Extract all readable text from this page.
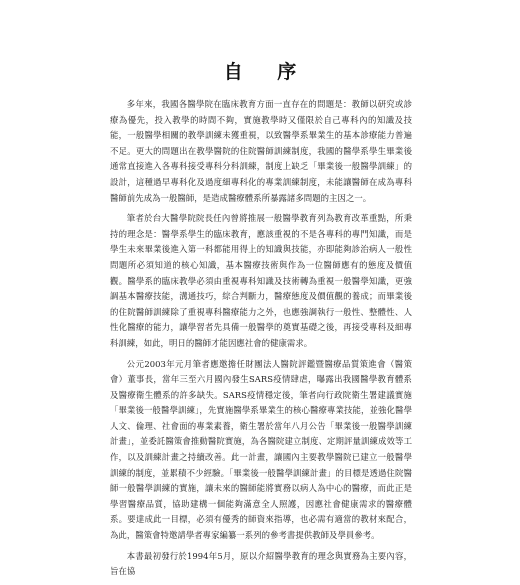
自 序

多年來，我國各醫學院在臨床教育方面一直存在的問題是：教師以研究或診療為優先，投入教學的時間不夠，實施教學時又僅限於自己專科內的知識及技能，一般醫學相關的教學訓練未獲重視，以致醫學系畢業生的基本診療能力普遍不足。更大的問題出在教學醫院的住院醫師訓練制度，我國的醫學系學生畢業後通常直接進入各專科接受專科分科訓練，制度上缺乏「畢業後一般醫學訓練」的設計，這種過早專科化及過度細專科化的專業訓練制度，未能讓醫師在成為專科醫師前先成為一般醫師，是造成醫療體系所暴露諸多問題的主因之一。

筆者於台大醫學院院長任內曾將推展一般醫學教育列為教育改革重點，所秉持的理念是：醫學系學生的臨床教育，應該重視的不是各專科的專門知識，而是學生未來畢業後進入第一科都能用得上的知識與技能，亦即能夠診治病人一般性問題所必須知道的核心知識，基本醫療技術與作為一位醫師應有的態度及價值觀。醫學系的臨床教學必須由重視專科知識及技術轉為重視一般醫學知識，更強調基本醫療技能，溝通技巧，綜合判斷力，醫療態度及價值觀的養成；而畢業後的住院醫師訓練除了重視專科醫療能力之外，也應強調執行一般性、整體性、人性化醫療的能力，讓學習者先具備一般醫學的奠實基礎之後，再接受專科及細專科訓練，如此，明日的醫師才能因應社會的健康需求。

公元2003年元月筆者應邀擔任財團法人醫院評鑑暨醫療品質策進會（醫策會）董事長，當年三至六月國內發生SARS疫情肆虐，曝露出我國醫學教育體系及醫療衛生體系的許多缺失。SARS疫情穩定後，筆者向行政院衛生署建議實施「畢業後一般醫學訓練」，先實施醫學系畢業生的核心醫療專業技能，並強化醫學人文、倫理、社會面的專業素養，衛生署於當年八月公告「畢業後一般醫學訓練計畫」，並委託醫策會推動醫院實施，為各醫院建立制度、定期評量訓練成效等工作，以及訓練計畫之持續改善。此一計畫，讓國內主要教學醫院已建立一般醫學訓練的制度，並累積不少經驗。「畢業後一般醫學訓練計畫」的目標是透過住院醫師一般醫學訓練的實施，讓未來的醫師能將實務以病人為中心的醫療，而此正是學習醫療品質，協助建構一個能夠滿意全人照護，因應社會健康需求的醫療體系。要達成此一目標，必須有優秀的師資來指導，也必需有適當的教材來配合，為此，醫策會特邀請學者專家編纂一系列的參考書提供教師及學員參考。

本書最初發行於1994年5月，原以介紹醫學教育的理念與實務為主要內容，旨在協
